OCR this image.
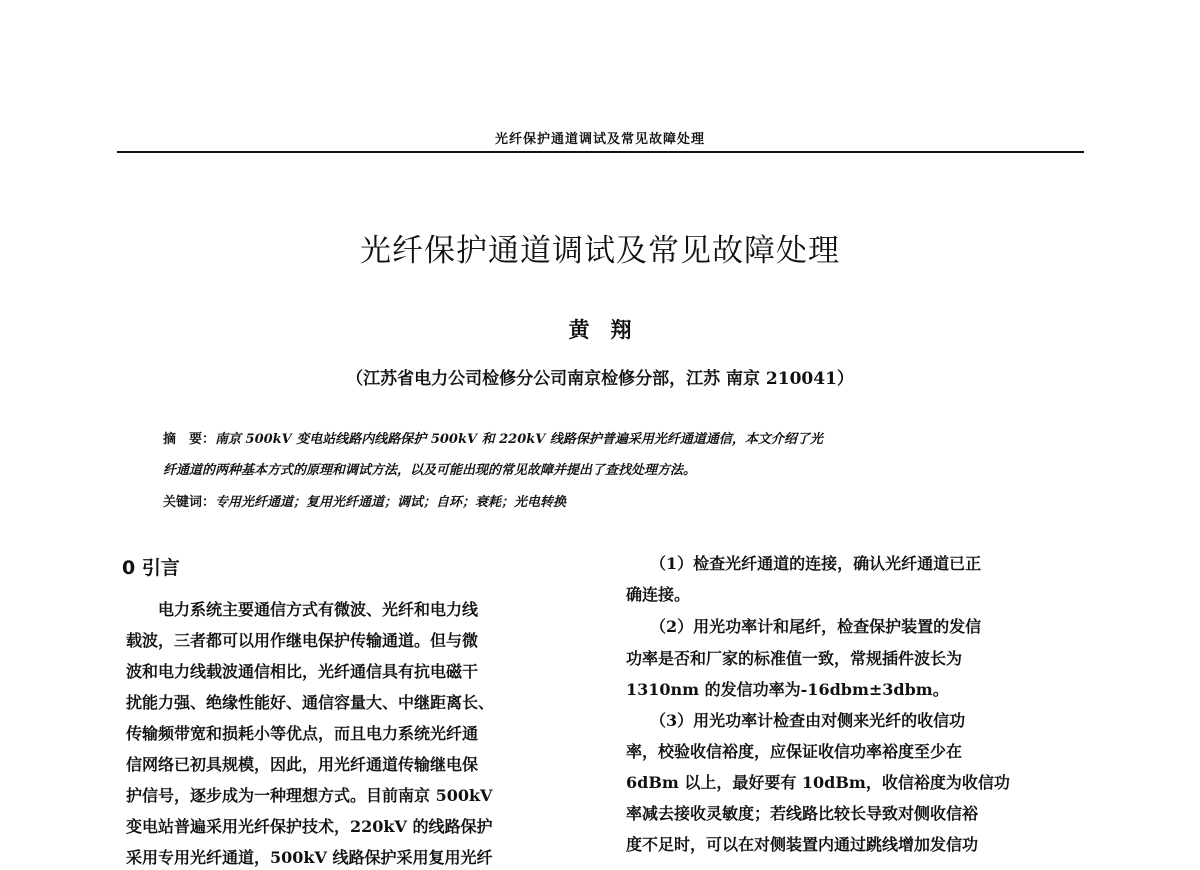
光纤保护通道调试及常见故障处理
光纤保护通道调试及常见故障处理
黄　翔
（江苏省电力公司检修分公司南京检修分部，江苏 南京 210041）
摘　要：南京 500kV 变电站线路内线路保护 500kV 和 220kV 线路保护普遍采用光纤通道通信，本文介绍了光
纤通道的两种基本方式的原理和调试方法，以及可能出现的常见故障并提出了查找处理方法。
关键词：专用光纤通道；复用光纤通道；调试；自环；衰耗；光电转换
0 引言
　　电力系统主要通信方式有微波、光纤和电力线
载波，三者都可以用作继电保护传输通道。但与微
波和电力线载波通信相比，光纤通信具有抗电磁干
扰能力强、绝缘性能好、通信容量大、中继距离长、
传输频带宽和损耗小等优点，而且电力系统光纤通
信网络已初具规模，因此，用光纤通道传输继电保
护信号，逐步成为一种理想方式。目前南京 500kV
变电站普遍采用光纤保护技术，220kV 的线路保护
采用专用光纤通道，500kV 线路保护采用复用光纤
　　（1）检查光纤通道的连接，确认光纤通道已正
确连接。
　　（2）用光功率计和尾纤，检查保护装置的发信
功率是否和厂家的标准值一致，常规插件波长为
1310nm 的发信功率为-16dbm±3dbm。
　　（3）用光功率计检查由对侧来光纤的收信功
率，校验收信裕度，应保证收信功率裕度至少在
6dBm 以上，最好要有 10dBm，收信裕度为收信功
率减去接收灵敏度；若线路比较长导致对侧收信裕
度不足时，可以在对侧装置内通过跳线增加发信功
